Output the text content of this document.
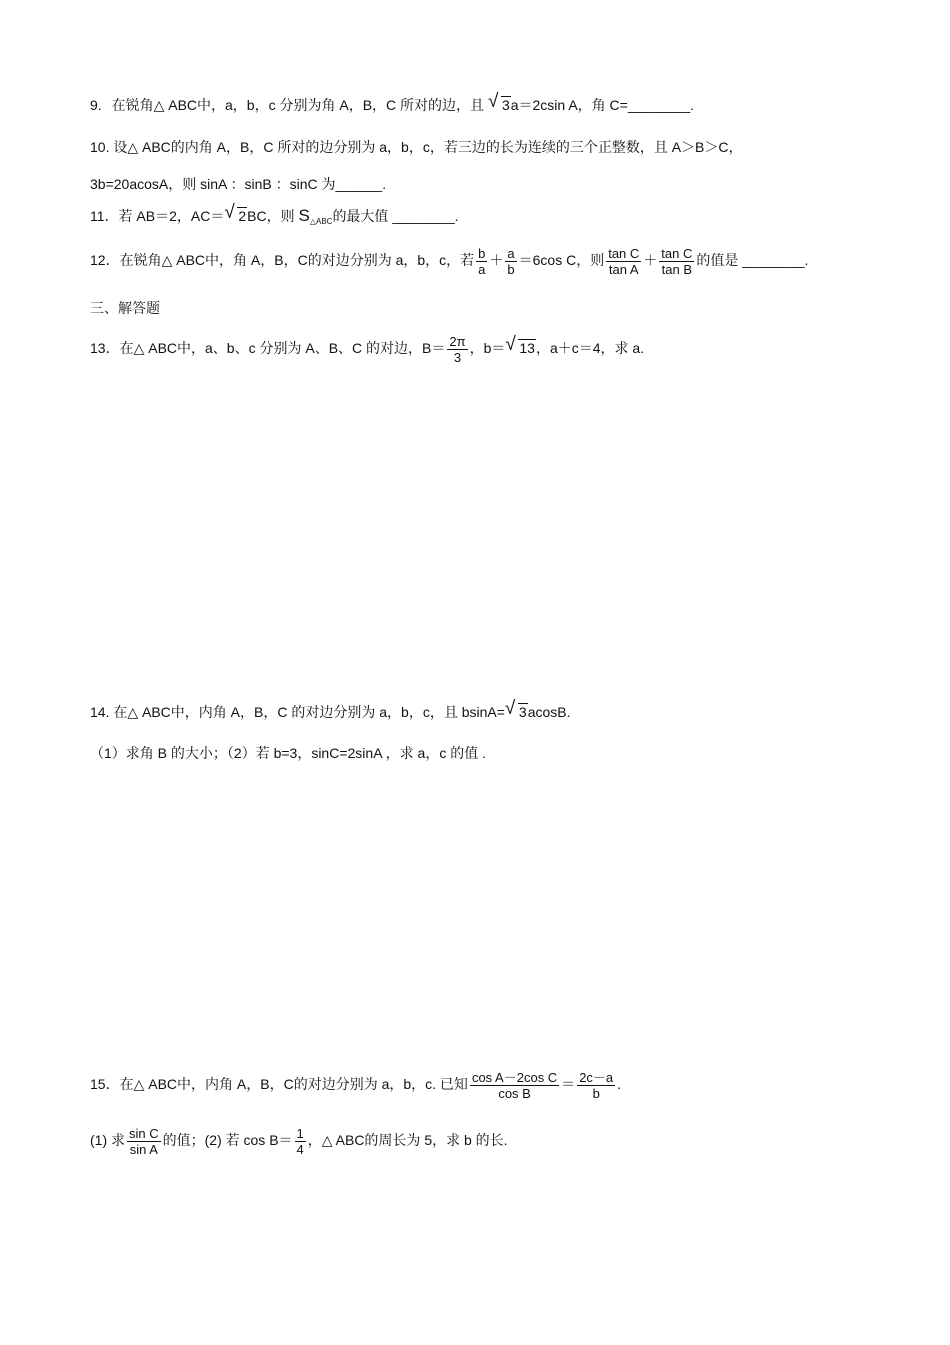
9. 在锐角△ ABC中，a，b，c 分别为角 A，B，C 所对的边，且 √ 3a＝2csin A，角 C=________.
10. 设△ ABC的内角 A，B，C 所对的边分别为 a，b，c，若三边的长为连续的三个正整数，且 A＞B＞C，
3b=20acosA，则 sinA ：sinB ：sinC 为______.
11．若 AB＝2，AC＝ √ 2BC，则 $S_{\triangle ABC}$的最大值 ________.
12．在锐角△ ABC中，角 A，B，C的对边分别为 a，b，c，若 $\frac{b}{a} + \frac{a}{b} =6\cos$ C，则 $\frac{\text{tan C}}{\text{tan A}} + \frac{\text{tan C}}{\text{tan B}}$ 的值是 ________.
三、解答题
13．在△ ABC中，a、b、c 分别为 A、B、C 的对边，$B= \frac{2\pi}{3}$ ，b＝ √ 13，a＋c＝4，求 a.
14. 在△ ABC中，内角 A，B，C 的对边分别为 a，b，c，且 bsinA= √ 3acosB.
（1）求角 B 的大小；（2）若 b=3，sinC=2sinA ，求 a，c 的值 .
15．在△ ABC中，内角 A，B，C的对边分别为 a，b，c. 已知 $\frac{\text{cos A－2cos C}}{\text{cos B}} = \frac{2c-a}{b}$ .
(1) 求 $\frac{\text{sin C}}{\text{sin A}}$ 的值；(2) 若 $\cos B= \frac{1}{4}$ ，△ ABC的周长为 5，求 b 的长.
